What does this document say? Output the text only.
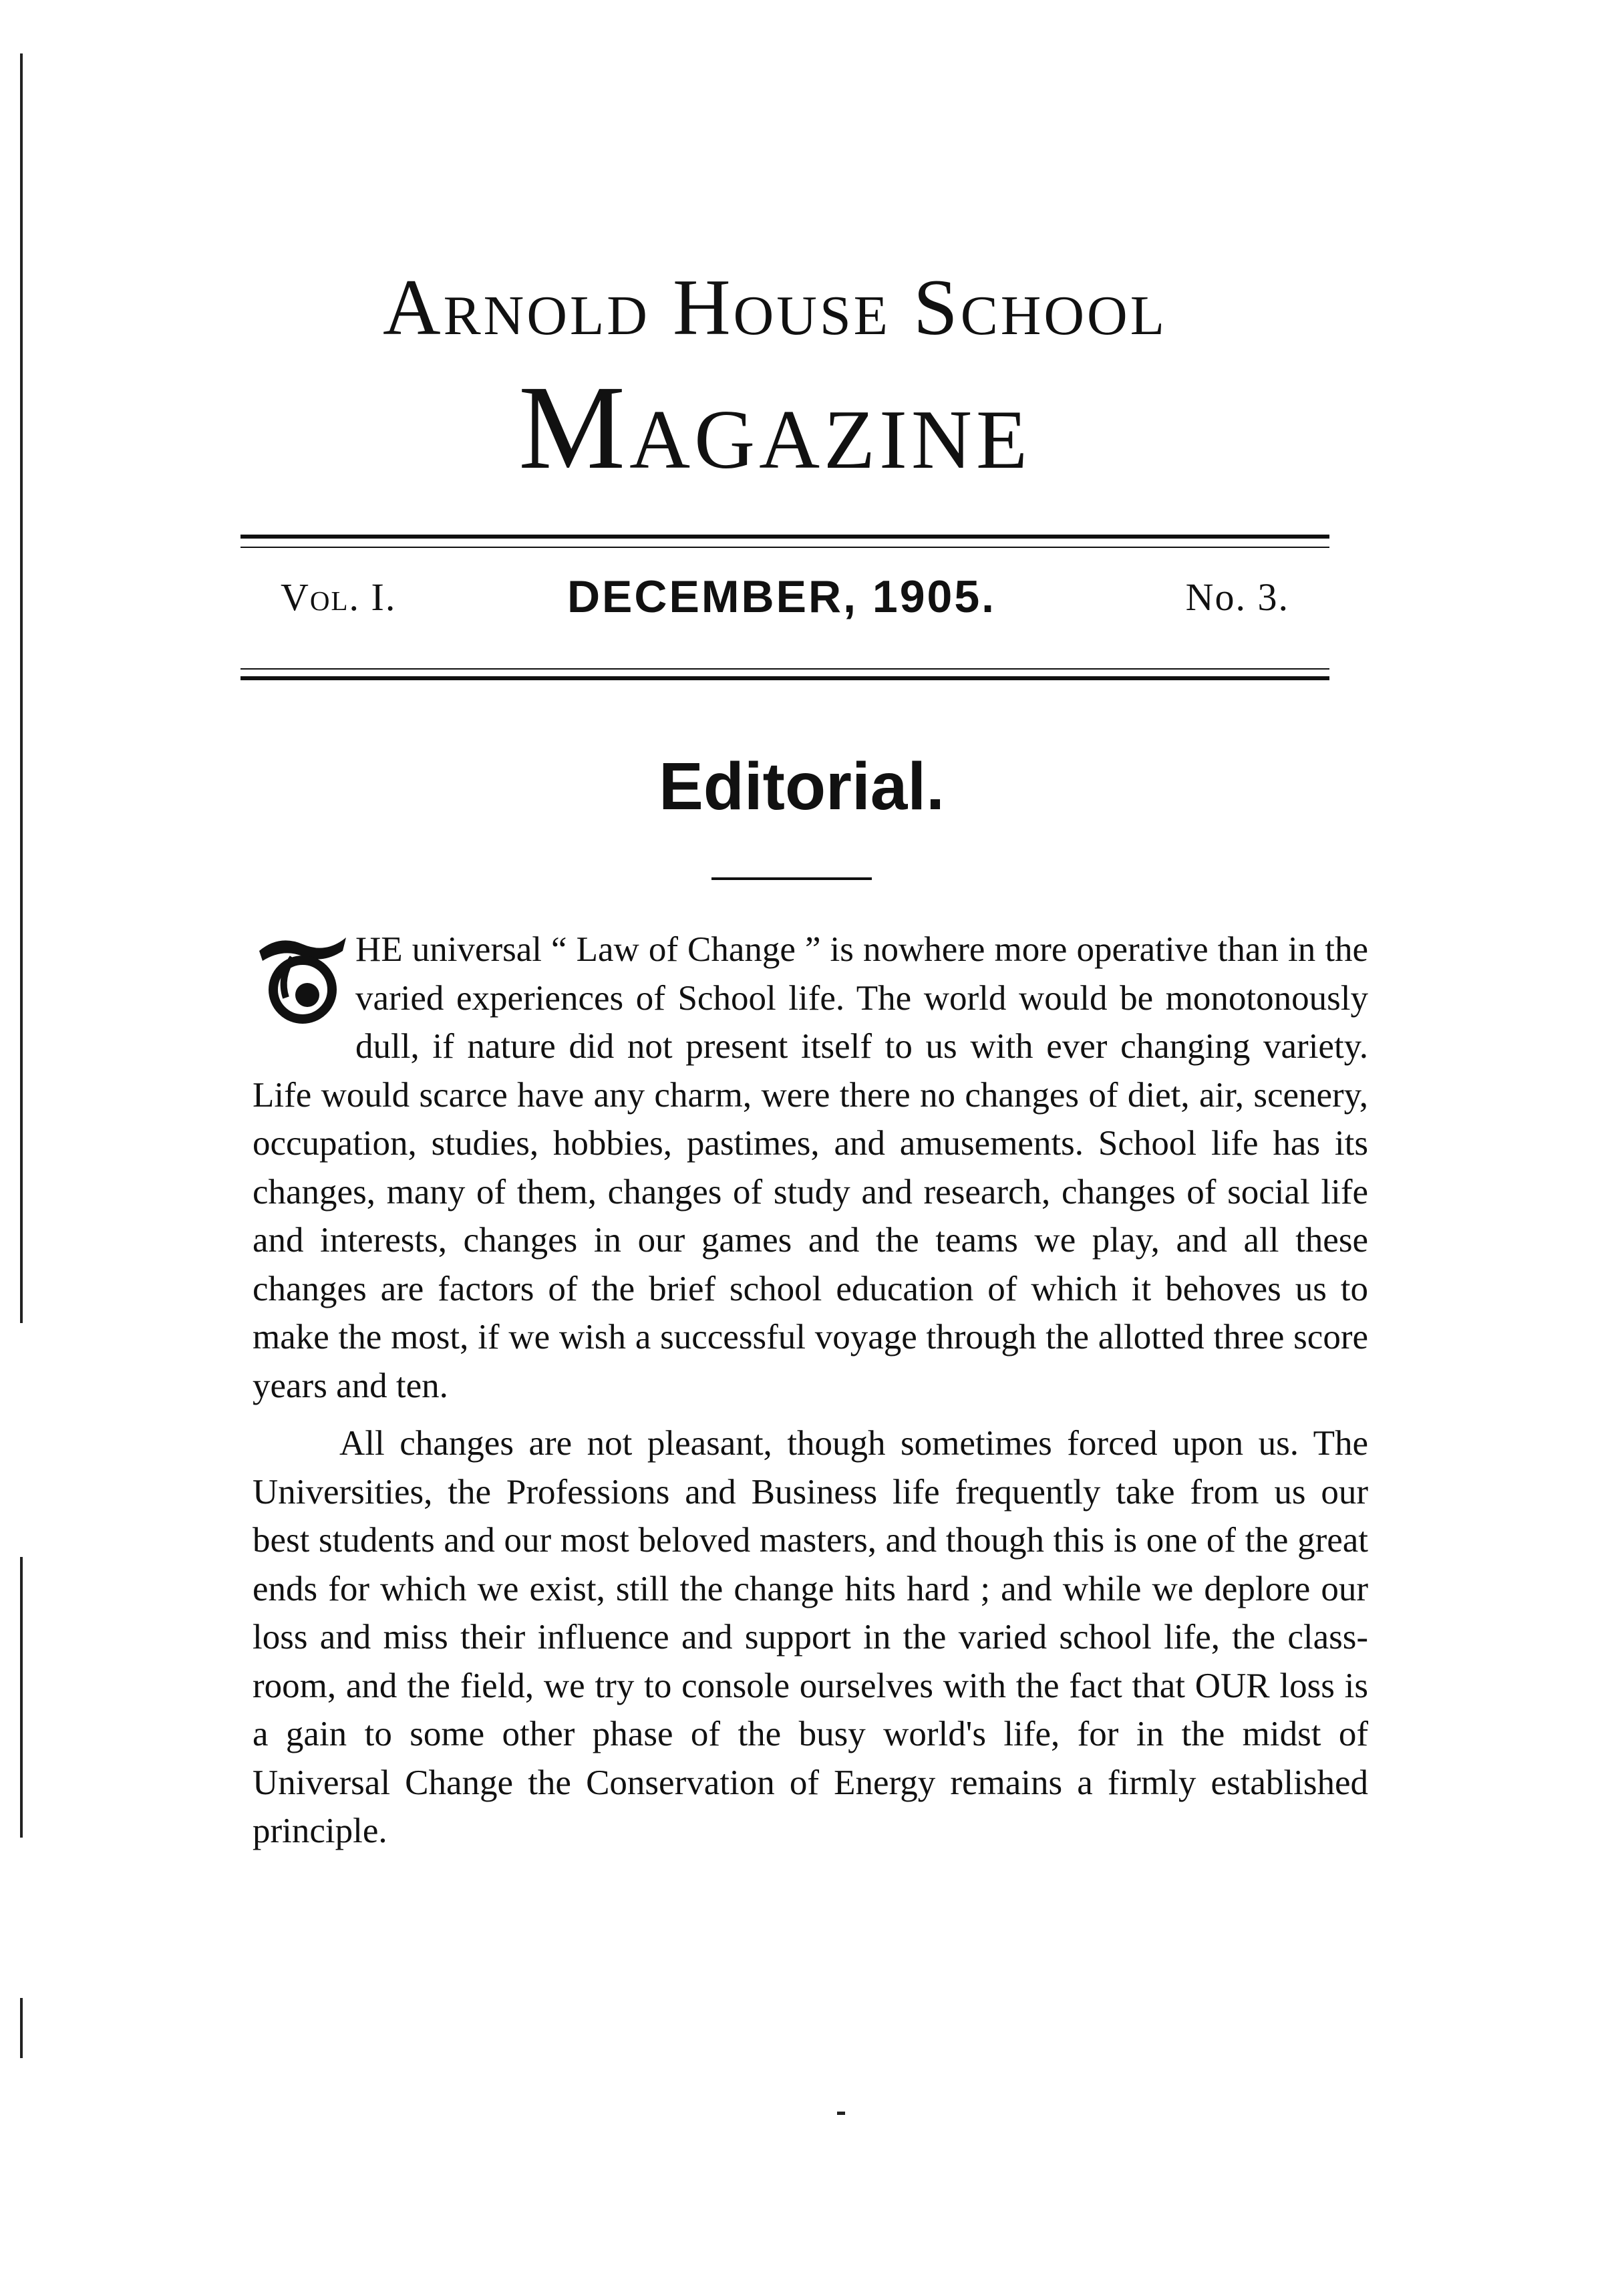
Arnold House School
Magazine
Vol. I.	DECEMBER, 1905.	No. 3.
Editorial.

HE universal “ Law of Change ” is nowhere more operative than in the varied experiences of School life. The world would be monotonously dull, if nature did not present itself to us with ever changing variety. Life would scarce have any charm, were there no changes of diet, air, scenery, occupation, studies, hobbies, pastimes, and amusements. School life has its changes, many of them, changes of study and research, changes of social life and interests, changes in our games and the teams we play, and all these changes are factors of the brief school education of which it behoves us to make the most, if we wish a successful voyage through the allotted three score years and ten.

All changes are not pleasant, though sometimes forced upon us. The Universities, the Professions and Business life frequently take from us our best students and our most beloved masters, and though this is one of the great ends for which we exist, still the change hits hard ; and while we deplore our loss and miss their influence and support in the varied school life, the class-room, and the field, we try to console ourselves with the fact that OUR loss is a gain to some other phase of the busy world's life, for in the midst of Universal Change the Conservation of Energy remains a firmly established principle.
